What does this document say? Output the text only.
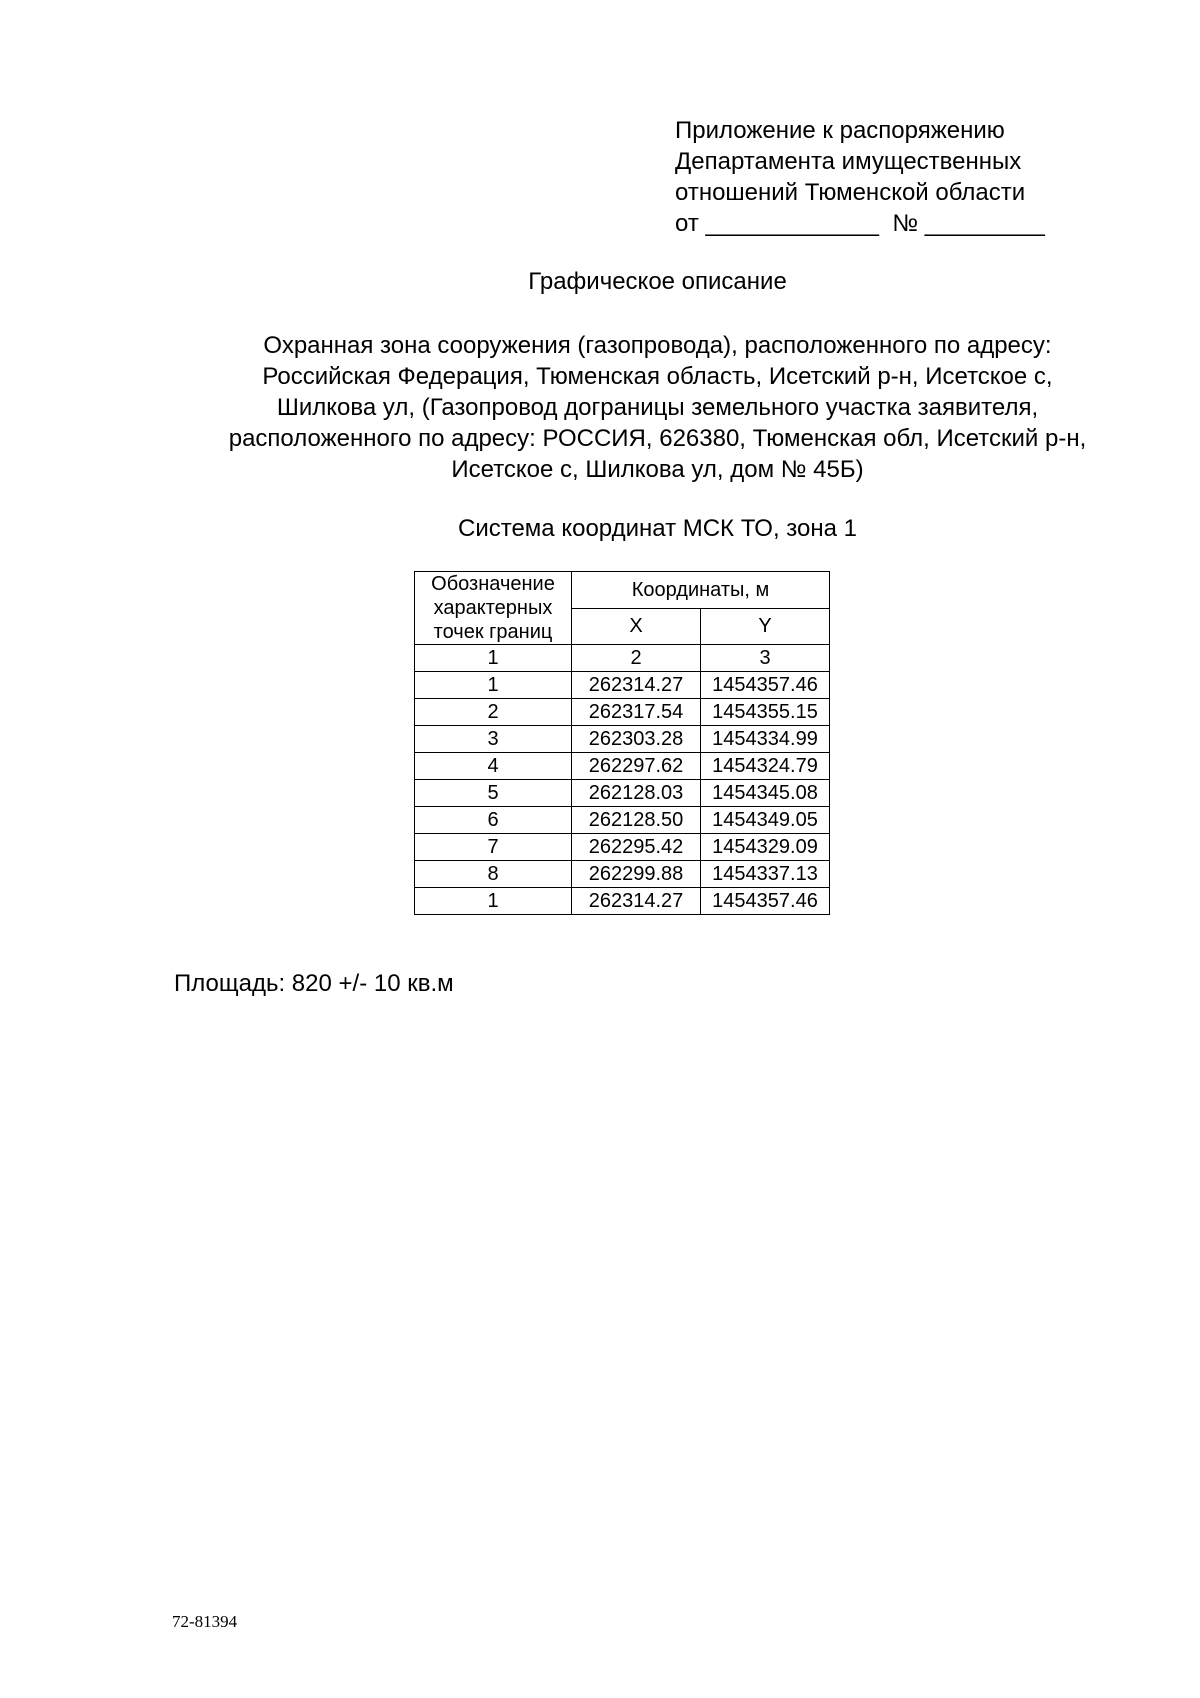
Приложение к распоряжению
Департамента имущественных
отношений Тюменской области
от _____________  № _________
Графическое описание
Охранная зона сооружения (газопровода), расположенного по адресу:
Российская Федерация, Тюменская область, Исетский р-н, Исетское с,
Шилкова ул, (Газопровод дограницы земельного участка заявителя,
расположенного по адресу: РОССИЯ, 626380, Тюменская обл, Исетский р-н,
Исетское с, Шилкова ул, дом № 45Б)
Система координат МСК ТО, зона 1
Обозначение
характерных
точек границ	Координаты, м	
	X	Y
1	2	3
1	262314.27	1454357.46
2	262317.54	1454355.15
3	262303.28	1454334.99
4	262297.62	1454324.79
5	262128.03	1454345.08
6	262128.50	1454349.05
7	262295.42	1454329.09
8	262299.88	1454337.13
1	262314.27	1454357.46
Площадь: 820 +/- 10 кв.м
72-81394
